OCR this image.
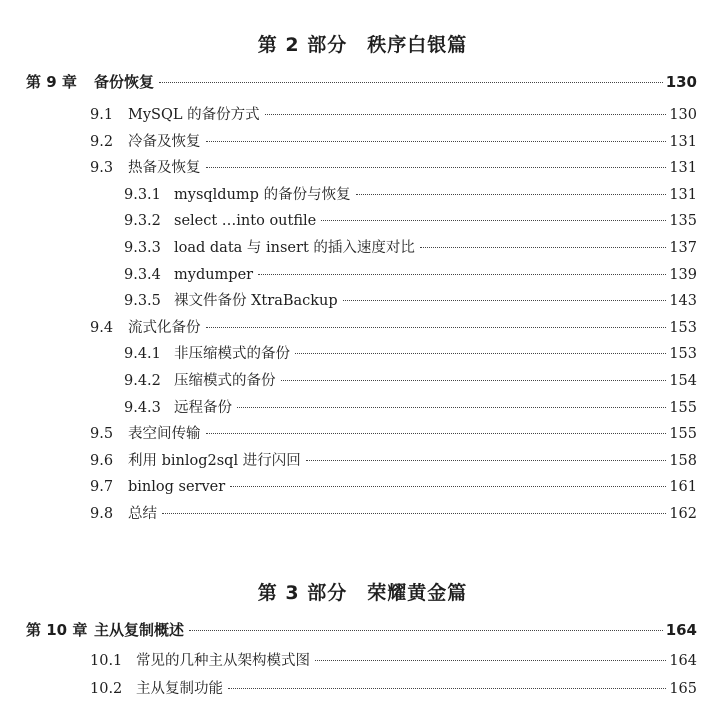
第 2 部分　秩序白银篇
第 3 部分　荣耀黄金篇
第 9 章	备份恢复	130
9.1	MySQL 的备份方式	130
9.2	冷备及恢复	131
9.3	热备及恢复	131
9.3.1 mysqldump 的备份与恢复	131
9.3.2 select …into outfile	135
9.3.3 load data 与 insert 的插入速度对比	137
9.3.4 mydumper	139
9.3.5 裸文件备份 XtraBackup	143
9.4	流式化备份	153
9.4.1 非压缩模式的备份	153
9.4.2 压缩模式的备份	154
9.4.3 远程备份	155
9.5	表空间传输	155
9.6	利用 binlog2sql 进行闪回	158
9.7	binlog server	161
9.8	总结	162
第 10 章 主从复制概述	164
10.1 常见的几种主从架构模式图	164
10.2 主从复制功能	165
